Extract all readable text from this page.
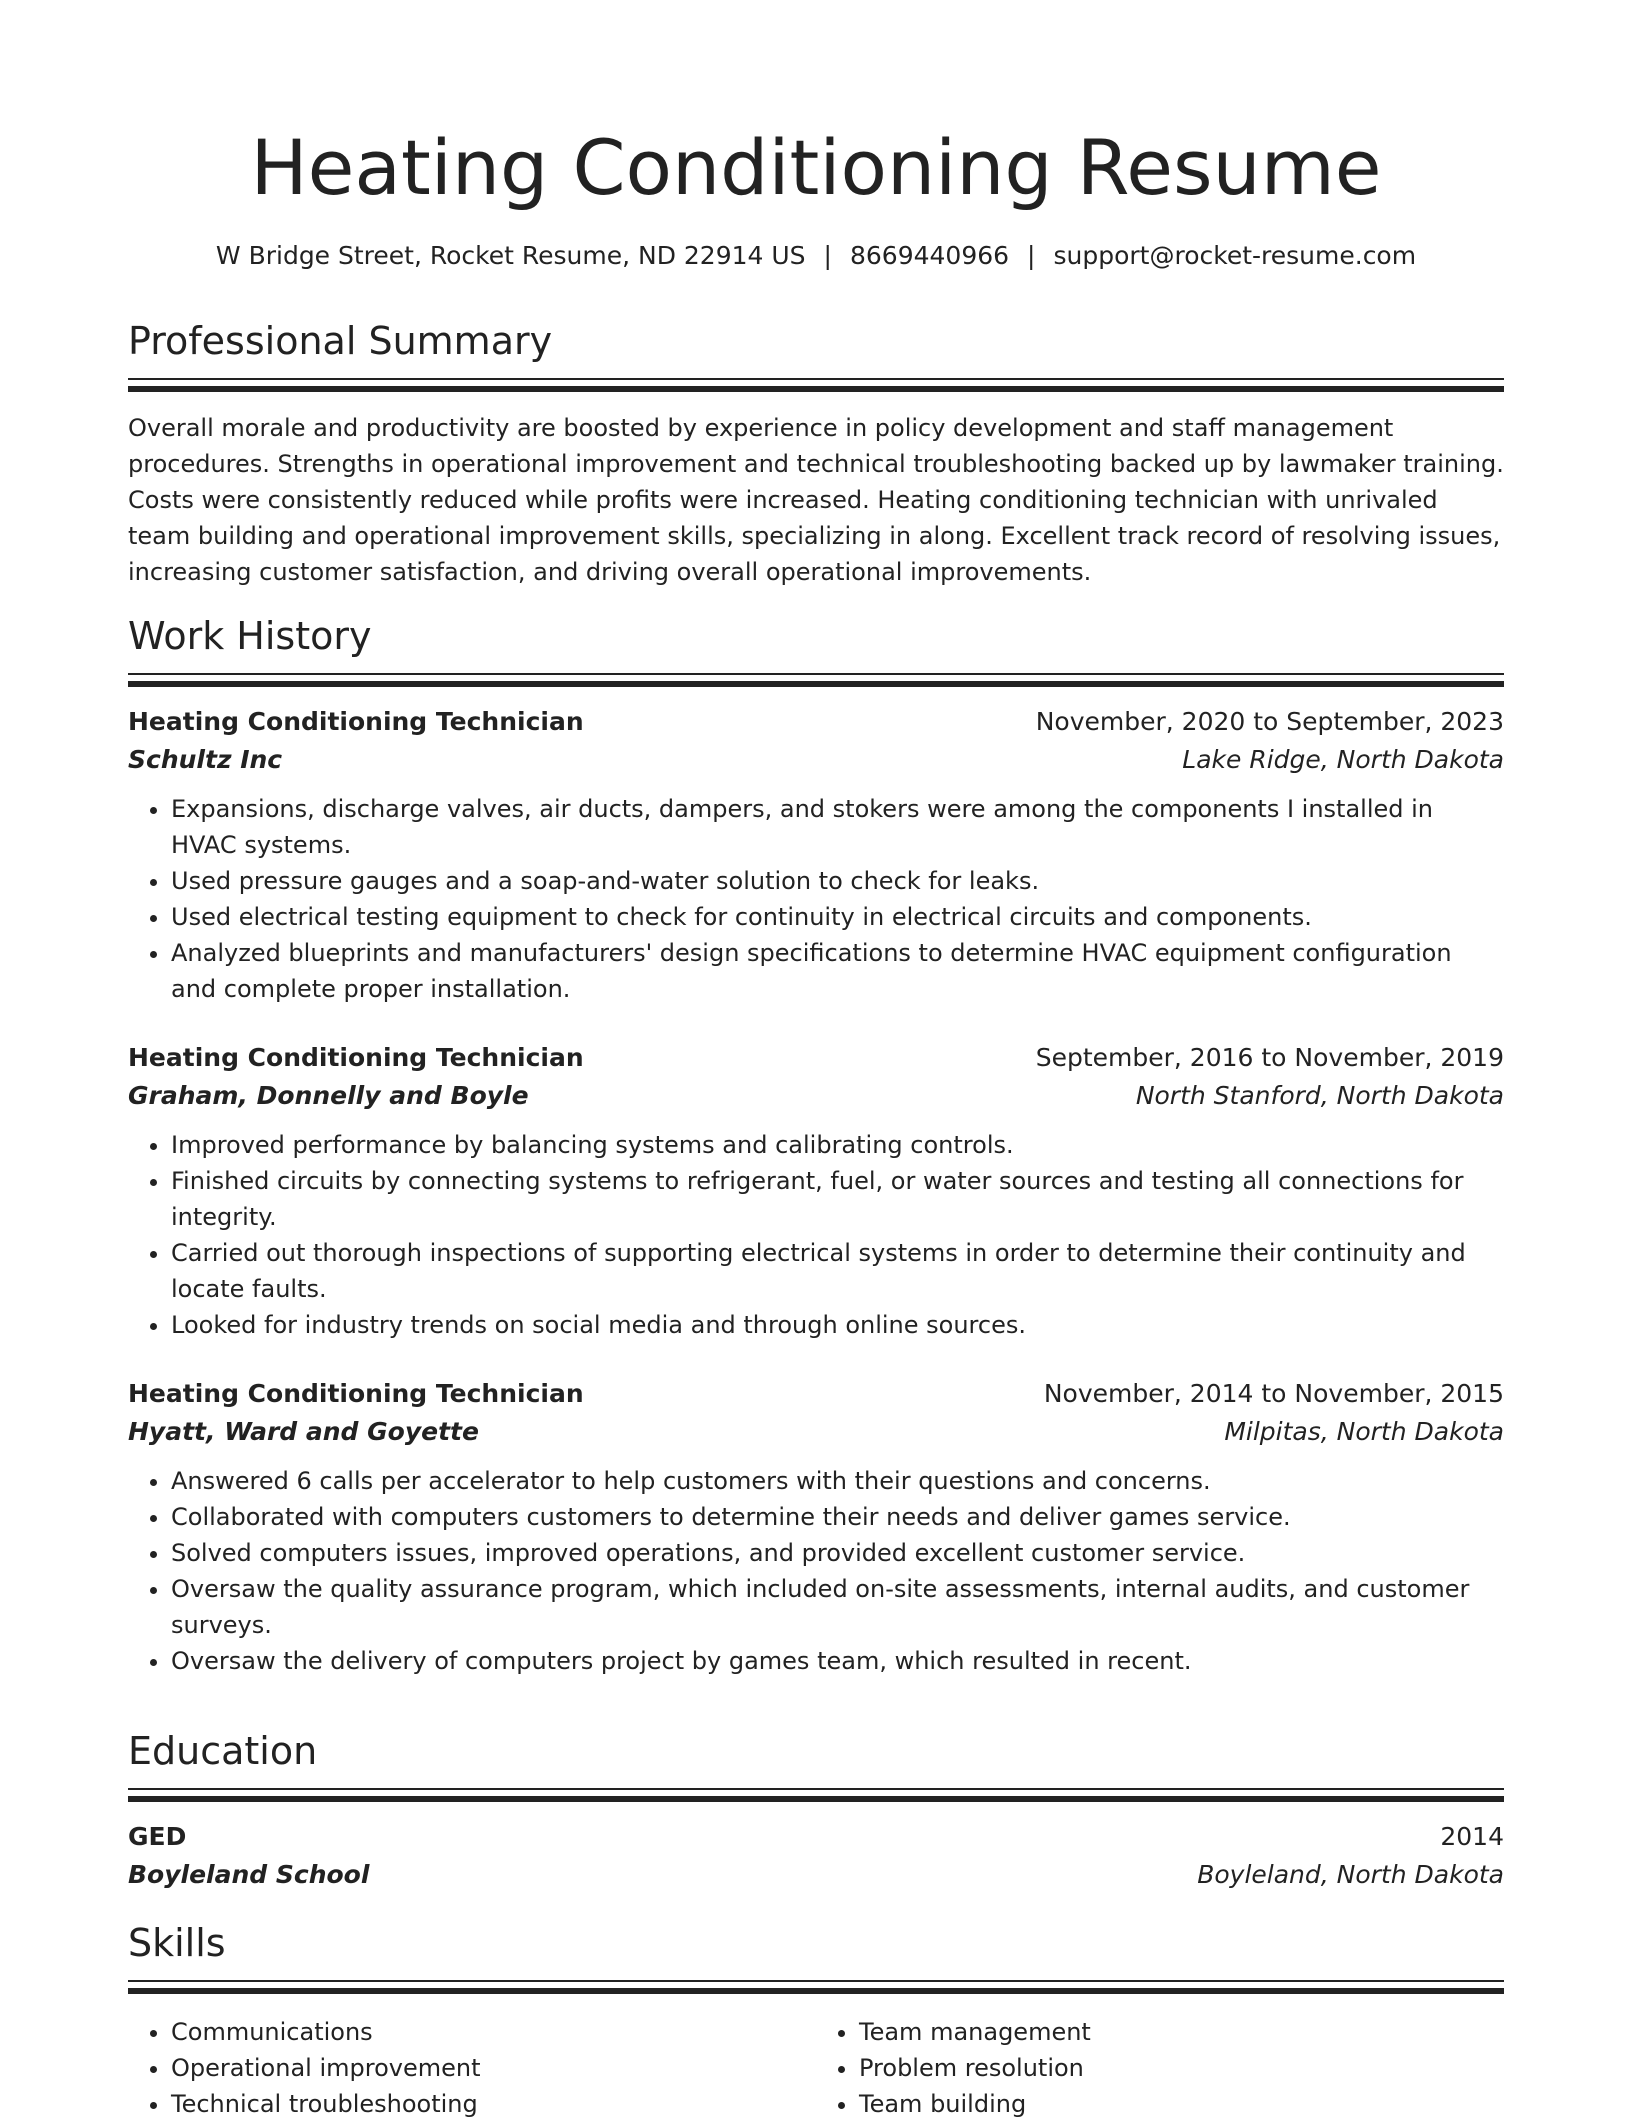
Heating Conditioning Resume
W Bridge Street, Rocket Resume, ND 22914 US | 8669440966 | support@rocket-resume.com
Professional Summary

Overall morale and productivity are boosted by experience in policy development and staff management procedures. Strengths in operational improvement and technical troubleshooting backed up by lawmaker training. Costs were consistently reduced while profits were increased. Heating conditioning technician with unrivaled team building and operational improvement skills, specializing in along. Excellent track record of resolving issues, increasing customer satisfaction, and driving overall operational improvements.

Work History
Heating Conditioning Technician	November, 2020 to September, 2023
Schultz Inc	Lake Ridge, North Dakota
• Expansions, discharge valves, air ducts, dampers, and stokers were among the components I installed in HVAC systems.
• Used pressure gauges and a soap-and-water solution to check for leaks.
• Used electrical testing equipment to check for continuity in electrical circuits and components.
• Analyzed blueprints and manufacturers' design specifications to determine HVAC equipment configuration and complete proper installation.
Heating Conditioning Technician	September, 2016 to November, 2019
Graham, Donnelly and Boyle	North Stanford, North Dakota
• Improved performance by balancing systems and calibrating controls.
• Finished circuits by connecting systems to refrigerant, fuel, or water sources and testing all connections for integrity.
• Carried out thorough inspections of supporting electrical systems in order to determine their continuity and locate faults.
• Looked for industry trends on social media and through online sources.
Heating Conditioning Technician	November, 2014 to November, 2015
Hyatt, Ward and Goyette	Milpitas, North Dakota
• Answered 6 calls per accelerator to help customers with their questions and concerns.
• Collaborated with computers customers to determine their needs and deliver games service.
• Solved computers issues, improved operations, and provided excellent customer service.
• Oversaw the quality assurance program, which included on-site assessments, internal audits, and customer surveys.
• Oversaw the delivery of computers project by games team, which resulted in recent.
Education
GED	2014
Boyleland School	Boyleland, North Dakota
Skills
• Communications
• Operational improvement
• Technical troubleshooting
• Team management
• Problem resolution
• Team building
